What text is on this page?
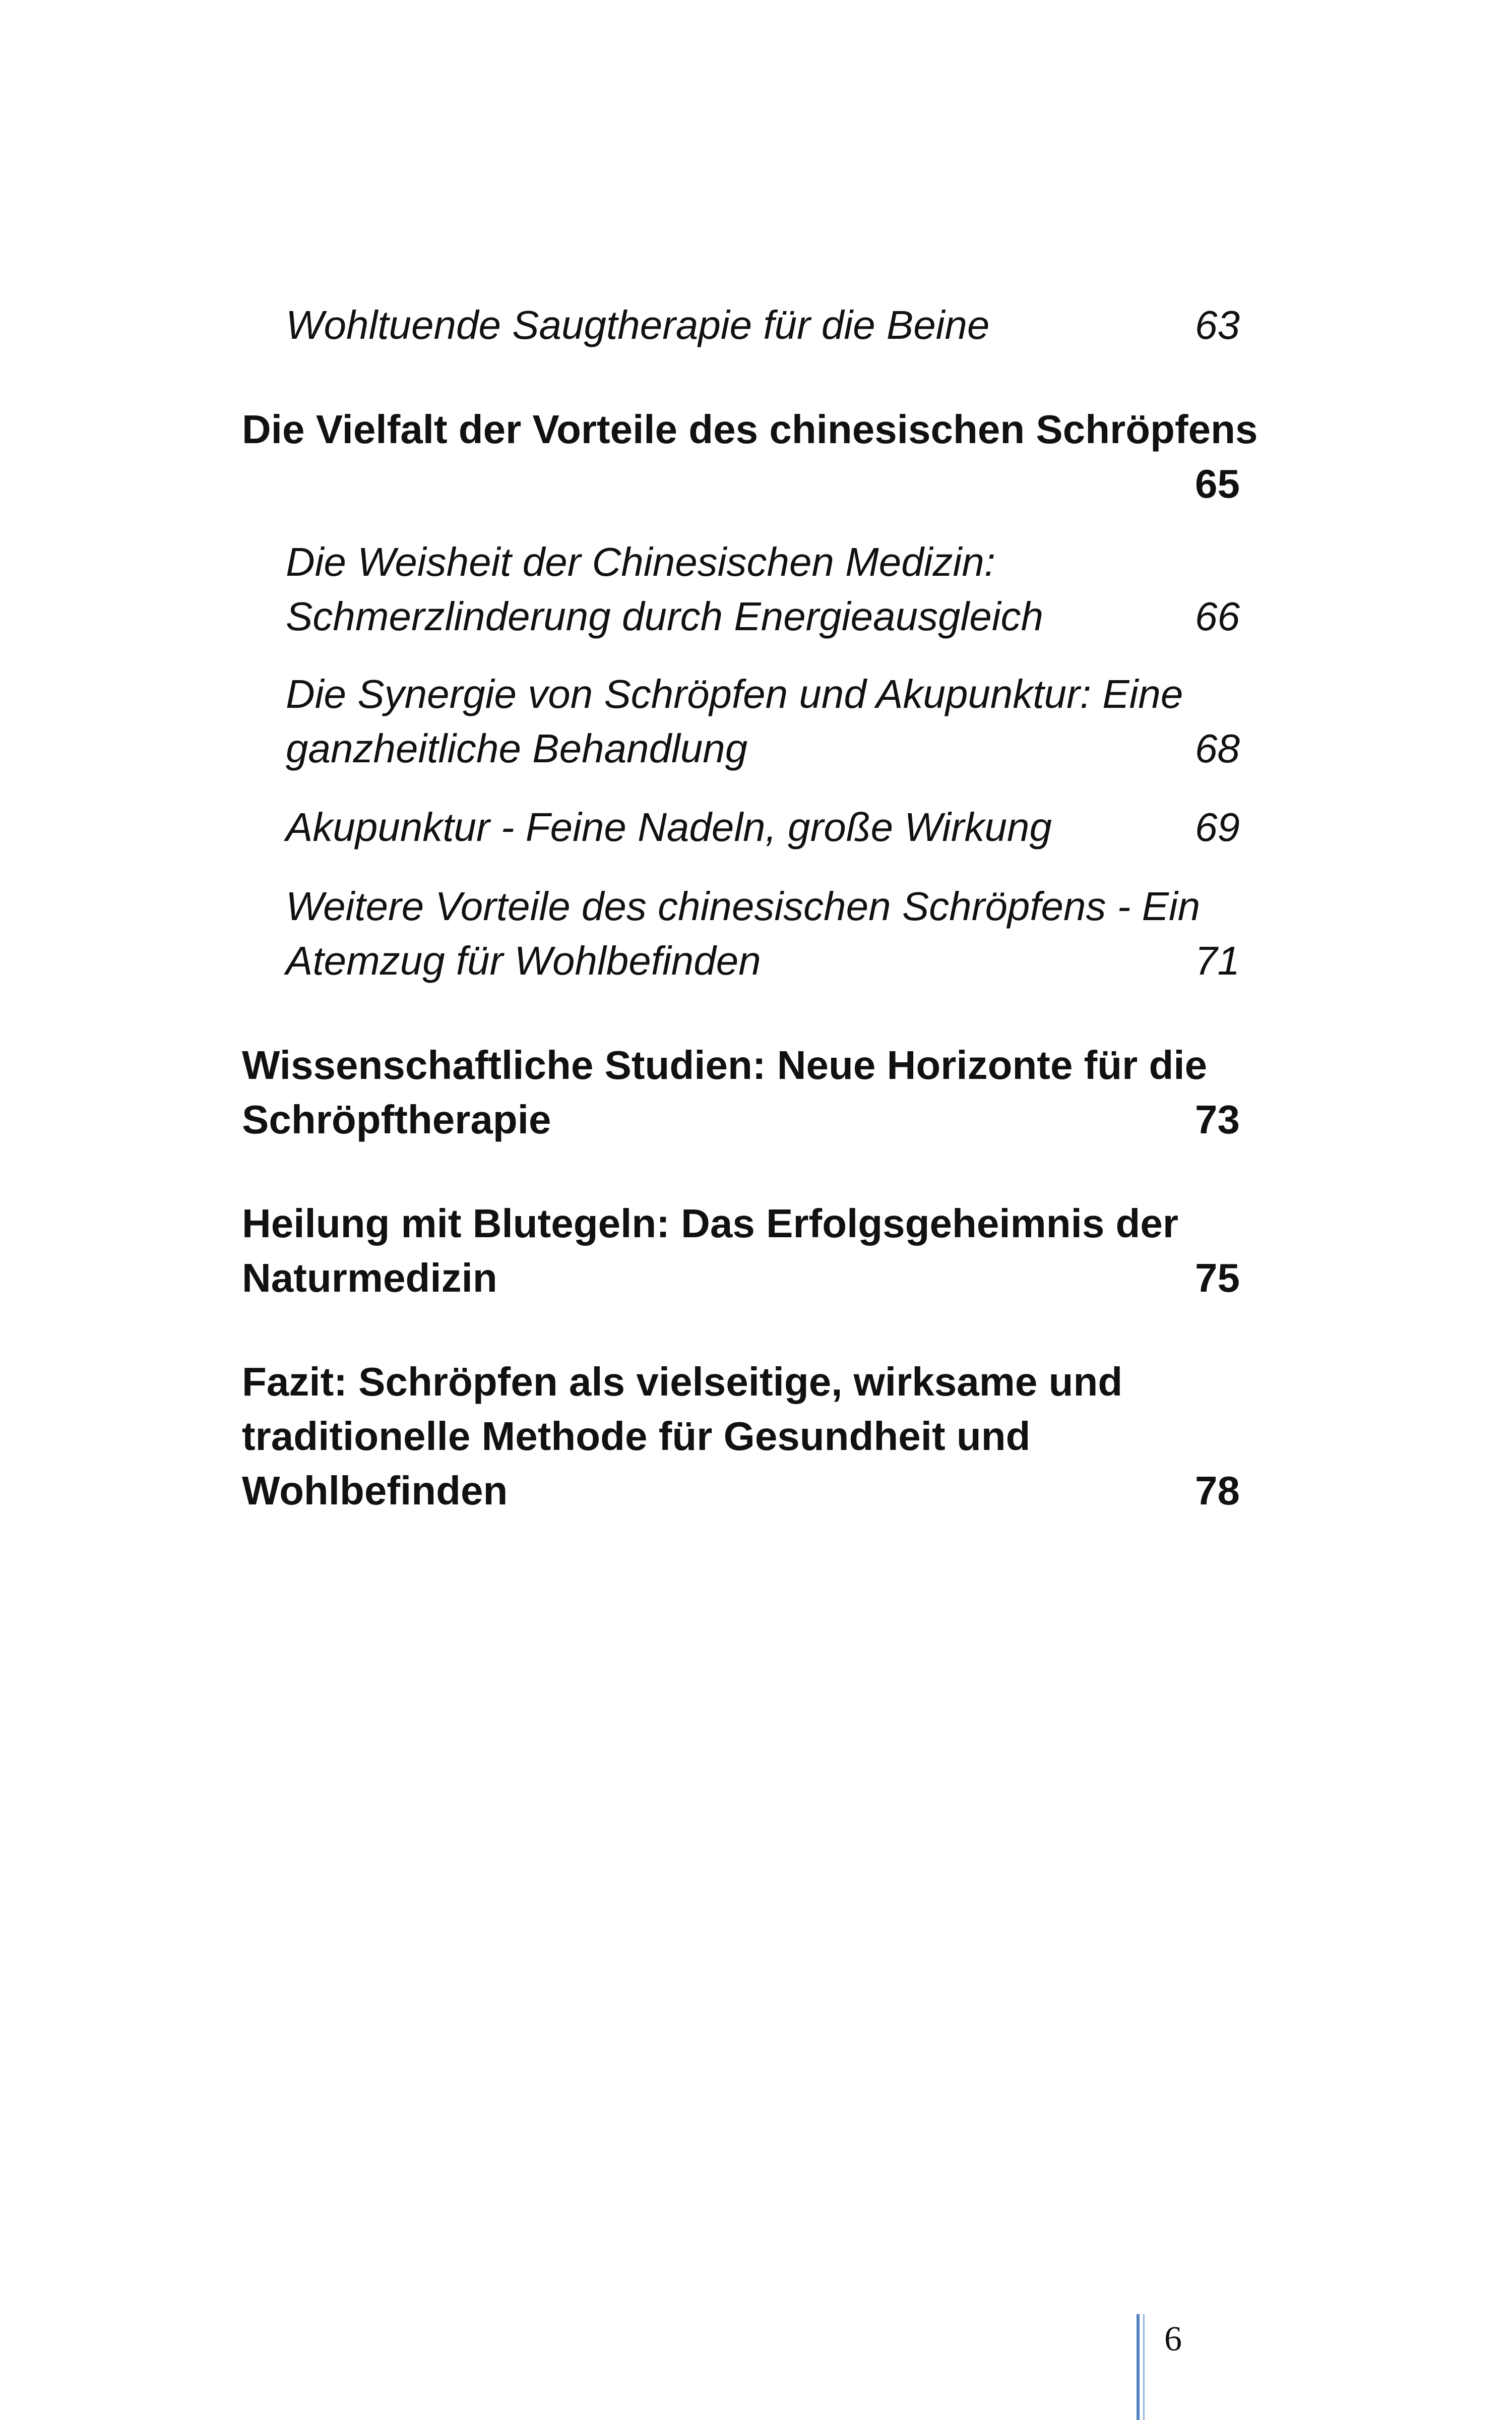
Wohltuende Saugtherapie für die Beine	63
Die Vielfalt der Vorteile des chinesischen Schröpfens
65
Die Weisheit der Chinesischen Medizin:
Schmerzlinderung durch Energieausgleich	66
Die Synergie von Schröpfen und Akupunktur: Eine
ganzheitliche Behandlung	68
Akupunktur - Feine Nadeln, große Wirkung	69
Weitere Vorteile des chinesischen Schröpfens - Ein
Atemzug für Wohlbefinden	71
Wissenschaftliche Studien: Neue Horizonte für die
Schröpftherapie	73
Heilung mit Blutegeln: Das Erfolgsgeheimnis der
Naturmedizin	75
Fazit: Schröpfen als vielseitige, wirksame und
traditionelle Methode für Gesundheit und
Wohlbefinden	78
6
